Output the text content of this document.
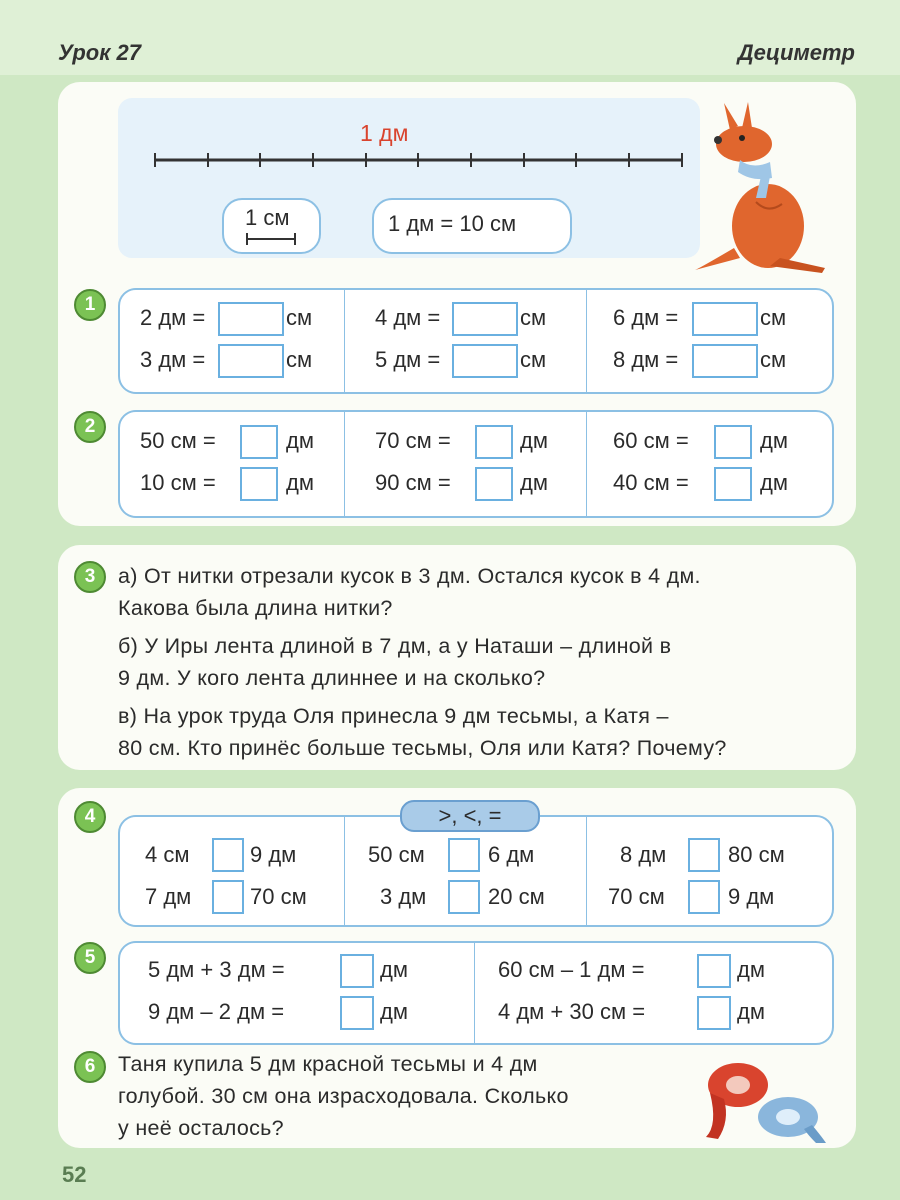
Урок 27	Дециметр
1 дм
1 см	1 дм = 10 см
1
2 дм =	см	4 дм =	см	6 дм =	см
3 дм =	см	5 дм =	см	8 дм =	см
2
50 см =	дм	70 см =	дм	60 см =	дм
10 см =	дм	90 см =	дм	40 см =	дм
3	а) От нитки отрезали кусок в 3 дм. Остался кусок в 4 дм.
Какова была длина нитки?
б) У Иры лента длиной в 7 дм, а у Наташи – длиной в
9 дм. У кого лента длиннее и на сколько?
в) На урок труда Оля принесла 9 дм тесьмы, а Катя –
80 см. Кто принёс больше тесьмы, Оля или Катя? Почему?
4	>, <, =
4 см	9 дм	50 см	6 дм	8 дм	80 см
7 дм	70 см	3 дм	20 см	70 см	9 дм
5	5 дм + 3 дм =	дм	60 см – 1 дм =	дм
9 дм – 2 дм =	дм	4 дм + 30 см =	дм
6	Таня купила 5 дм красной тесьмы и 4 дм
голубой. 30 см она израсходовала. Сколько
у неё осталось?
52
